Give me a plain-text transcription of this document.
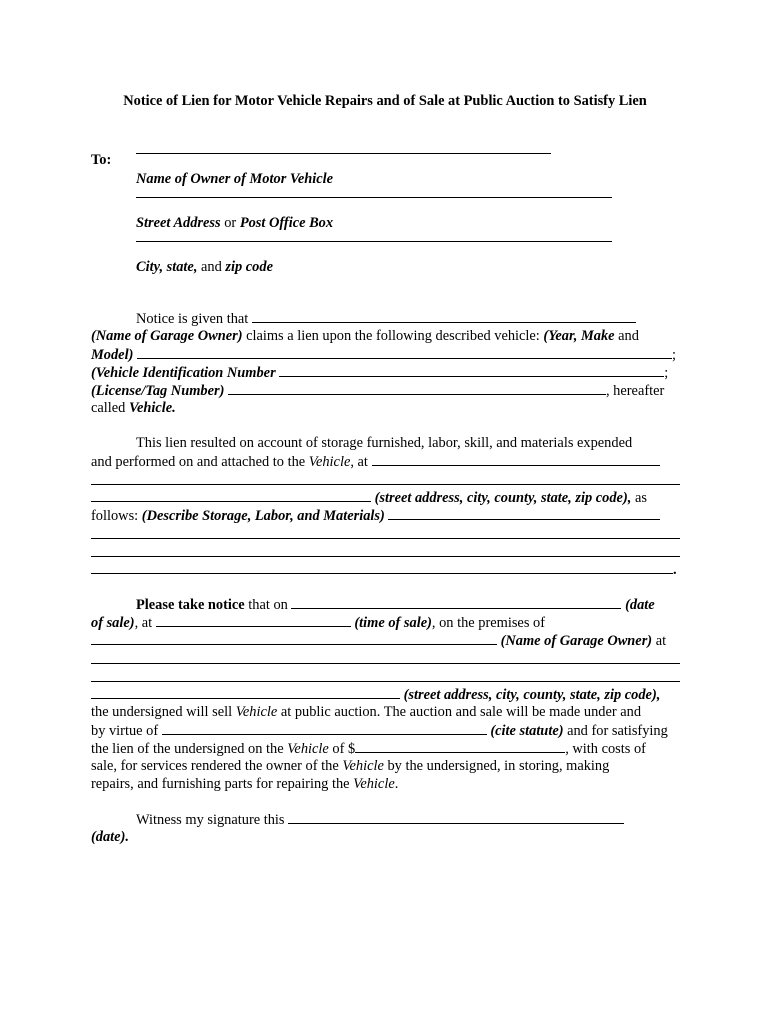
Notice of Lien for Motor Vehicle Repairs and of Sale at Public Auction to Satisfy Lien
To:
Name of Owner of Motor Vehicle
Street Address or Post Office Box
City, state, and zip code
Notice is given that
(Name of Garage Owner) claims a lien upon the following described vehicle: (Year, Make and
Model)	;
(Vehicle Identification Number	;
(License/Tag Number)	, hereafter
called Vehicle.
This lien resulted on account of storage furnished, labor, skill, and materials expended
and performed on and attached to the Vehicle, at
(street address, city, county, state, zip code), as
follows: (Describe Storage, Labor, and Materials)
.
Please take notice that on	(date
of sale), at	(time of sale), on the premises of
(Name of Garage Owner) at
(street address, city, county, state, zip code),
the undersigned will sell Vehicle at public auction. The auction and sale will be made under and
by virtue of	(cite statute) and for satisfying
the lien of the undersigned on the Vehicle of $	, with costs of
sale, for services rendered the owner of the Vehicle by the undersigned, in storing, making
repairs, and furnishing parts for repairing the Vehicle.
Witness my signature this
(date).
